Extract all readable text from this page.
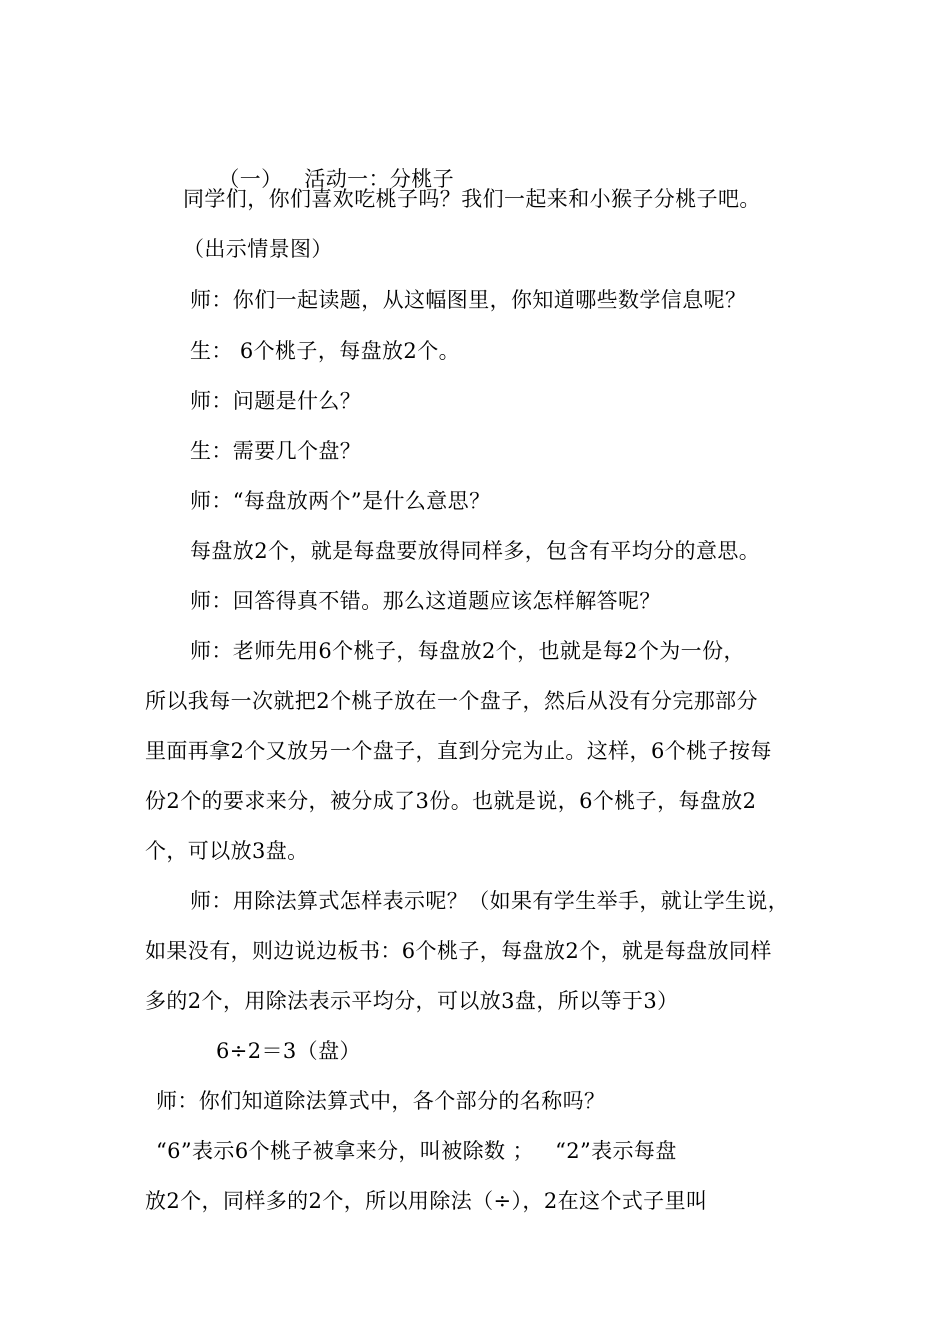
（一） 活动一：分桃子

同学们，你们喜欢吃桃子吗？我们一起来和小猴子分桃子吧。
（出示情景图）
师：你们一起读题，从这幅图里，你知道哪些数学信息呢？
生： 6个桃子，每盘放2个。
师：问题是什么？
生：需要几个盘？
师：“每盘放两个”是什么意思？
每盘放2个，就是每盘要放得同样多，包含有平均分的意思。
师：回答得真不错。那么这道题应该怎样解答呢？
师：老师先用6个桃子，每盘放2个，也就是每2个为一份，
所以我每一次就把2个桃子放在一个盘子，然后从没有分完那部分
里面再拿2个又放另一个盘子，直到分完为止。这样，6个桃子按每
份2个的要求来分，被分成了3份。也就是说，6个桃子，每盘放2
个，可以放3盘。
师：用除法算式怎样表示呢？（如果有学生举手，就让学生说，
如果没有，则边说边板书：6个桃子，每盘放2个，就是每盘放同样
多的2个，用除法表示平均分，可以放3盘，所以等于3）
6÷2＝3（盘）
师：你们知道除法算式中，各个部分的名称吗？
“6”表示6个桃子被拿来分，叫被除数 ；   “2”表示每盘
放2个，同样多的2个，所以用除法（÷），2在这个式子里叫
